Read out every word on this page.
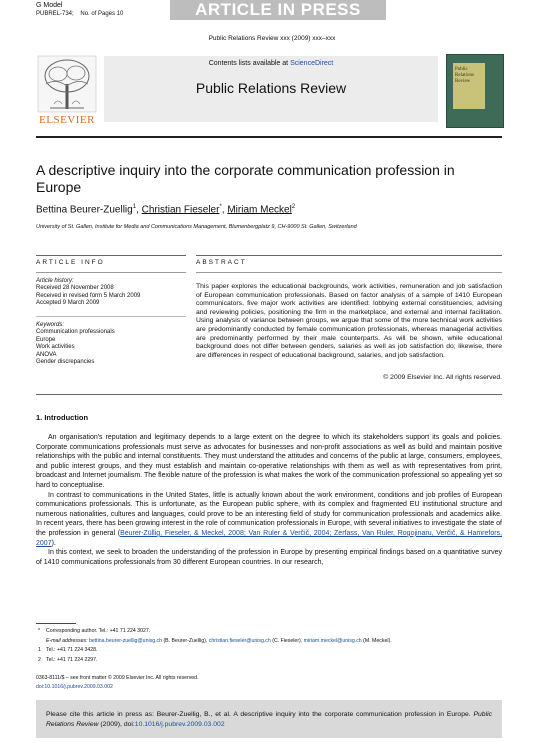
G Model
PUBREL-734; No. of Pages 10	ARTICLE IN PRESS
Public Relations Review xxx (2009) xxx–xxx
ELSEVIER
Contents lists available at ScienceDirect
Public Relations Review
Public Relations Review
A descriptive inquiry into the corporate communication profession in Europe
Bettina Beurer-Zuellig$^1$, Christian Fieseler*, Miriam Meckel$^2$
University of St. Gallen, Institute for Media and Communications Management, Blumenbergplatz 9, CH-9000 St. Gallen, Switzerland
ARTICLE INFO	ABSTRACT
Article history:
Received 28 November 2008
Received in revised form 5 March 2009
Accepted 9 March 2009
Keywords:
Communication professionals
Europe
Work activities
ANOVA
Gender discrepancies
This paper explores the educational backgrounds, work activities, remuneration and job satisfaction of European communication professionals. Based on factor analysis of a sample of 1410 European communicators, five major work activities are identified: lobbying external constituencies, advising and reviewing policies, positioning the firm in the marketplace, and external and internal facilitation. Using analysis of variance between groups, we argue that some of the more technical work activities are predominantly conducted by female communication professionals, whereas managerial activities are predominantly performed by their male counterparts. As will be shown, while educational background does not differ between genders, salaries as well as job satisfaction do; likewise, there are differences in respect of educational background, salaries, and job satisfaction.
© 2009 Elsevier Inc. All rights reserved.
1. Introduction

An organisation's reputation and legitimacy depends to a large extent on the degree to which its stakeholders support its goals and policies. Corporate communications professionals must serve as advocates for businesses and non-profit associations as well as build and maintain positive relationships with the public and internal constituents. They must understand the attitudes and concerns of the public at large, consumers, employees, and public interest groups, and they must establish and maintain co-operative relationships with them as well as with representatives from print, broadcast and Internet journalism. The flexible nature of the profession is what makes the work of the communication professional so appealing yet so hard to conceptualise.

In contrast to communications in the United States, little is actually known about the work environment, conditions and job profiles of European communications professionals. This is unfortunate, as the European public sphere, with its complex and fragmented EU institutional structure and numerous nationalities, cultures and languages, could prove to be an interesting field of study for communication professionals and academics alike. In recent years, there has been growing interest in the role of communication professionals in Europe, with several initiatives to investigate the state of the profession in general (Beurer-Züllig, Fieseler, & Meckel, 2008; Van Ruler & Verčič, 2004; Zerfass, Van Ruler, Rogojinaru, Verčič, & Hamrefors, 2007).

In this context, we seek to broaden the understanding of the profession in Europe by presenting empirical findings based on a quantitative survey of 1410 communications professionals from 30 different European countries. In our research,

* Corresponding author. Tel.: +41 71 224 3027.
E-mail addresses: bettina.beurer-zuellig@unisg.ch (B. Beurer-Zuellig), christian.fieseler@unisg.ch (C. Fieseler), miriam.meckel@unisg.ch (M. Meckel).
1 Tel.: +41 71 224 3428.
2 Tel.: +41 71 224 2297.
0363-8111/$ – see front matter © 2009 Elsevier Inc. All rights reserved.
doi:10.1016/j.pubrev.2009.03.002
Please cite this article in press as: Beurer-Zuellig, B., et al. A descriptive inquiry into the corporate communication profession in Europe. Public Relations Review (2009), doi:10.1016/j.pubrev.2009.03.002
